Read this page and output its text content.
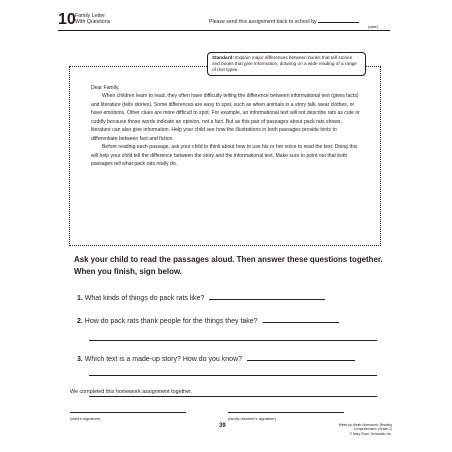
10 Family Letter
With Questions	Please send this assignment back to school by
(date)
Standard: Explain major differences between books that tell stories and books that give information, drawing on a wide reading of a range of text types.

Dear Family,

When children learn to read, they often have difficulty telling the difference between informational text (gives facts) and literature (tells stories). Some differences are easy to spot, such as when animals in a story talk, wear clothes, or have emotions. Other clues are more difficult to spot. For example, an informational text will not describe rats as cute or cuddly because those words indicate an opinion, not a fact. But as this pair of passages about pack rats shows, literature can also give information. Help your child see how the illustrations in both passages provide hints to differentiate between fact and fiction.

Before reading each passage, ask your child to think about how to use his or her voice to read the text. Doing this will help your child tell the difference between the story and the informational text. Make sure to point out that both passages tell what pack rats really do.

Ask your child to read the passages aloud. Then answer these questions together. When you finish, sign below.
1. What kinds of things do pack rats like?
2. How do pack rats thank people for the things they take?
3. Which text is a made-up story? How do you know?
We completed this homework assignment together.
(child's signature)	(family member's signature)
39	Week-by-Week Homework: Reading Comprehension (Grade 1)
© Mary Rose, Scholastic Inc.
